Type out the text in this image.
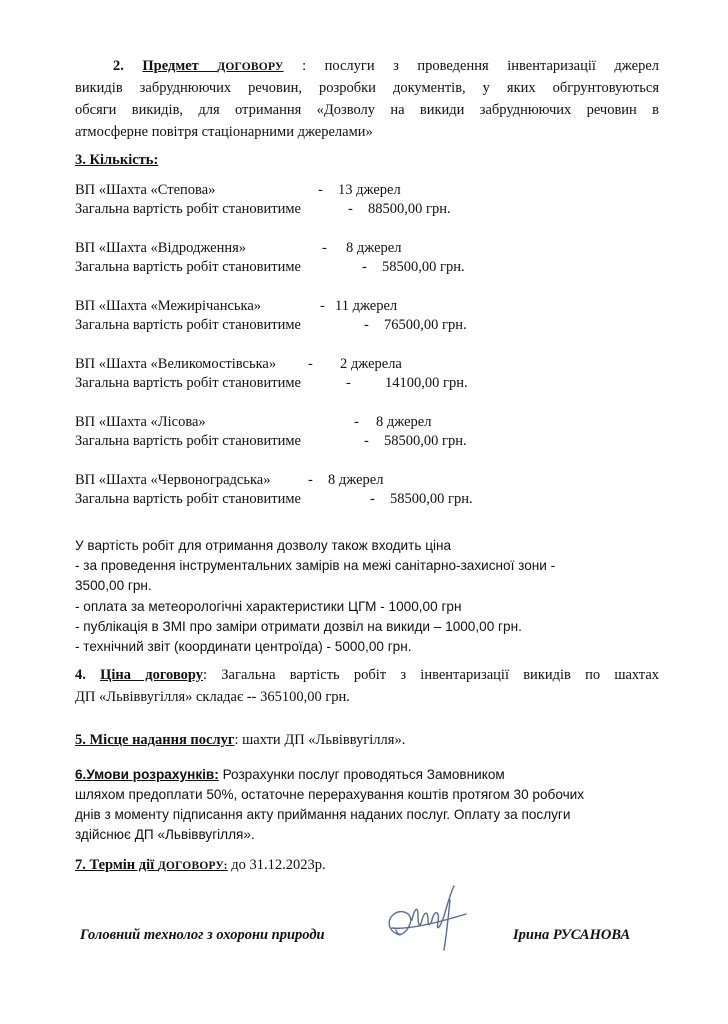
2. Предмет ДОГОВОРУ : послуги з проведення інвентаризації джерел
викидів забруднюючих речовин, розробки документів, у яких обгрунтовуються
обсяги викидів, для отримання «Дозволу на викиди забруднюючих речовин в
атмосферне повітря стаціонарними джерелами»
3. Кількість:
ВП «Шахта «Степова»	- 13 джерел
Загальна вартість робіт становитиме	- 88500,00 грн.
ВП «Шахта «Відродження»	- 8 джерел
Загальна вартість робіт становитиме	- 58500,00 грн.
ВП «Шахта «Межирічанська»	- 11 джерел
Загальна вартість робіт становитиме	- 76500,00 грн.
ВП «Шахта «Великомостівська» - 2 джерела
Загальна вартість робіт становитиме	- 14100,00 грн.
ВП «Шахта «Лісова»	- 8 джерел
Загальна вартість робіт становитиме	- 58500,00 грн.
ВП «Шахта «Червоноградська»	- 8 джерел
Загальна вартість робіт становитиме	- 58500,00 грн.
У вартість робіт для отримання дозволу також входить ціна
- за проведення інструментальних замірів на межі санітарно-захисної зони -
3500,00 грн.
- оплата за метеорологічні характеристики ЦГМ - 1000,00 грн
- публікація в ЗМІ про заміри отримати дозвіл на викиди – 1000,00 грн.
- технічний звіт (координати центроїда) - 5000,00 грн.
4. Ціна договору: Загальна вартість робіт з інвентаризації викидів по шахтах
ДП «Львіввугілля» складає -- 365100,00 грн.
5. Місце надання послуг: шахти ДП «Львіввугілля».
6.Умови розрахунків: Розрахунки послуг проводяться Замовником
шляхом предоплати 50%, остаточне перерахування коштів протягом 30 робочих
днів з моменту підписання акту приймання наданих послуг. Оплату за послуги
здійснює ДП «Львіввугілля».
7. Термін дії ДОГОВОРУ: до 31.12.2023р.
Головний технолог з охорони природи	Ірина РУСАНОВА
